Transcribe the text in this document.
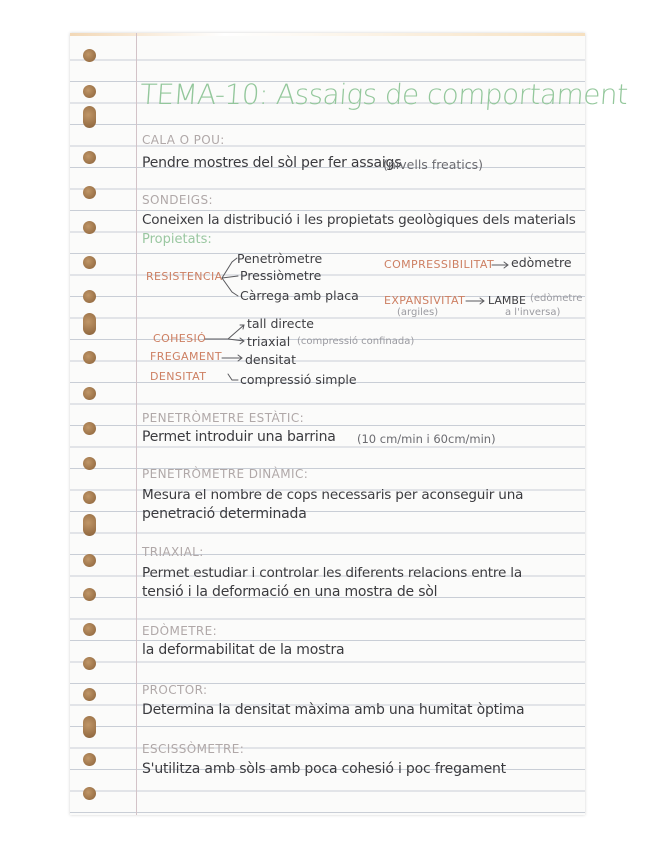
TEMA-10: Assaigs de comportament
CALA O POU:
Pendre mostres del sòl per fer assaigs
(nivells freatics)
SONDEIGS:
Coneixen la distribució i les propietats geològiques dels materials
Propietats:
RESISTENCIA
Penetròmetre
Pressiòmetre
Càrrega amb placa
COMPRESSIBILITAT edòmetre
EXPANSIVITAT
(argiles)
LAMBE (edòmetre
a l'inversa)
COHESIÓ
FREGAMENT
DENSITAT
tall directe
triaxial (compressió confinada)
densitat
compressió simple
PENETRÒMETRE ESTÀTIC:
Permet introduir una barrina (10 cm/min i 60cm/min)
PENETRÒMETRE DINÀMIC:
Mesura el nombre de cops necessaris per aconseguir una
penetració determinada
TRIAXIAL:
Permet estudiar i controlar les diferents relacions entre la
tensió i la deformació en una mostra de sòl
EDÒMETRE:
la deformabilitat de la mostra
PROCTOR:
Determina la densitat màxima amb una humitat òptima
ESCISSÒMETRE:
S'utilitza amb sòls amb poca cohesió i poc fregament
